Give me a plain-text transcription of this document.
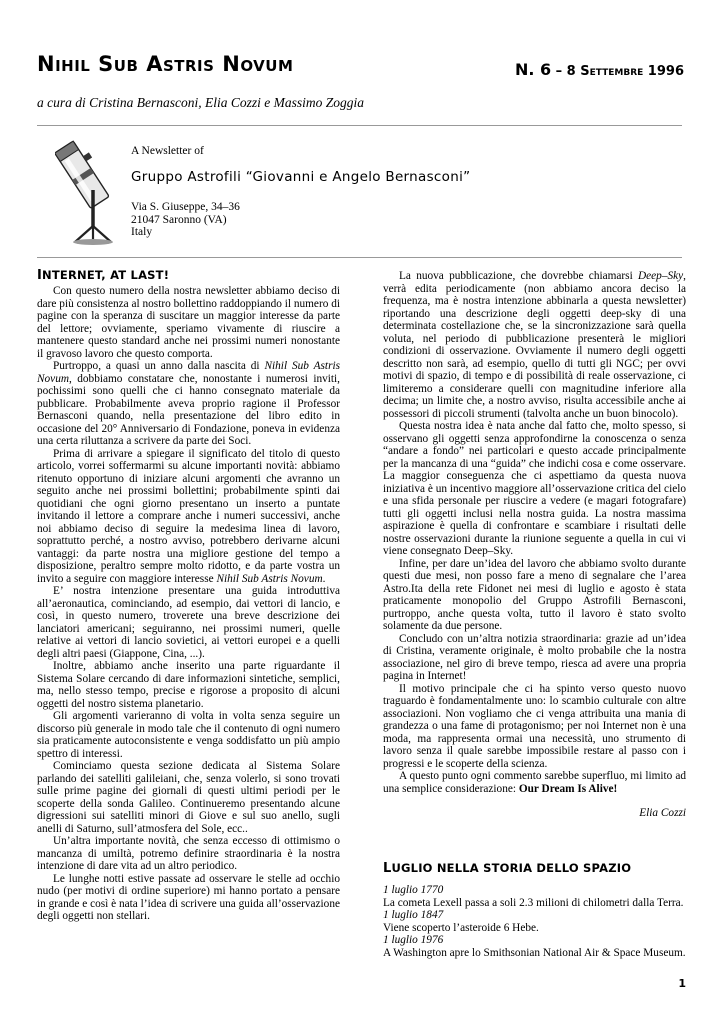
Nihil Sub Astris Novum	N. 6 – 8 Settembre 1996
a cura di Cristina Bernasconi, Elia Cozzi e Massimo Zoggia
A Newsletter of
Gruppo Astrofili “Giovanni e Angelo Bernasconi”
Via S. Giuseppe, 34–36
21047 Saronno (VA)
Italy
INTERNET, AT LAST!

Con questo numero della nostra newsletter abbiamo deciso di dare più consistenza al nostro bollettino raddoppiando il numero di pagine con la speranza di suscitare un maggior interesse da parte del lettore; ovviamente, speriamo vivamente di riuscire a mantenere questo standard anche nei prossimi numeri nonostante il gravoso lavoro che questo comporta.

Purtroppo, a quasi un anno dalla nascita di Nihil Sub Astris Novum, dobbiamo constatare che, nonostante i numerosi inviti, pochissimi sono quelli che ci hanno consegnato materiale da pubblicare. Probabilmente aveva proprio ragione il Professor Bernasconi quando, nella presentazione del libro edito in occasione del 20° Anniversario di Fondazione, poneva in evidenza una certa riluttanza a scrivere da parte dei Soci.

Prima di arrivare a spiegare il significato del titolo di questo articolo, vorrei soffermarmi su alcune importanti novità: abbiamo ritenuto opportuno di iniziare alcuni argomenti che avranno un seguito anche nei prossimi bollettini; probabilmente spinti dai quotidiani che ogni giorno presentano un inserto a puntate invitando il lettore a comprare anche i numeri successivi, anche noi abbiamo deciso di seguire la medesima linea di lavoro, soprattutto perché, a nostro avviso, potrebbero derivarne alcuni vantaggi: da parte nostra una migliore gestione del tempo a disposizione, peraltro sempre molto ridotto, e da parte vostra un invito a seguire con maggiore interesse Nihil Sub Astris Novum.

E’ nostra intenzione presentare una guida introduttiva all’aeronautica, cominciando, ad esempio, dai vettori di lancio, e così, in questo numero, troverete una breve descrizione dei lanciatori americani; seguiranno, nei prossimi numeri, quelle relative ai vettori di lancio sovietici, ai vettori europei e a quelli degli altri paesi (Giappone, Cina, ...).

Inoltre, abbiamo anche inserito una parte riguardante il Sistema Solare cercando di dare informazioni sintetiche, semplici, ma, nello stesso tempo, precise e rigorose a proposito di alcuni oggetti del nostro sistema planetario.

Gli argomenti varieranno di volta in volta senza seguire un discorso più generale in modo tale che il contenuto di ogni numero sia praticamente autoconsistente e venga soddisfatto un più ampio spettro di interessi.

Cominciamo questa sezione dedicata al Sistema Solare parlando dei satelliti galileiani, che, senza volerlo, si sono trovati sulle prime pagine dei giornali di questi ultimi periodi per le scoperte della sonda Galileo. Continueremo presentando alcune digressioni sui satelliti minori di Giove e sul suo anello, sugli anelli di Saturno, sull’atmosfera del Sole, ecc..

Un’altra importante novità, che senza eccesso di ottimismo o mancanza di umiltà, potremo definire straordinaria è la nostra intenzione di dare vita ad un altro periodico.

Le lunghe notti estive passate ad osservare le stelle ad occhio nudo (per motivi di ordine superiore) mi hanno portato a pensare in grande e così è nata l’idea di scrivere una guida all’osservazione degli oggetti non stellari.

La nuova pubblicazione, che dovrebbe chiamarsi Deep–Sky, verrà edita periodicamente (non abbiamo ancora deciso la frequenza, ma è nostra intenzione abbinarla a questa newsletter) riportando una descrizione degli oggetti deep-sky di una determinata costellazione che, se la sincronizzazione sarà quella voluta, nel periodo di pubblicazione presenterà le migliori condizioni di osservazione. Ovviamente il numero degli oggetti descritto non sarà, ad esempio, quello di tutti gli NGC; per ovvi motivi di spazio, di tempo e di possibilità di reale osservazione, ci limiteremo a considerare quelli con magnitudine inferiore alla decima; un limite che, a nostro avviso, risulta accessibile anche ai possessori di piccoli strumenti (talvolta anche un buon binocolo).

Questa nostra idea è nata anche dal fatto che, molto spesso, si osservano gli oggetti senza approfondirne la conoscenza o senza “andare a fondo” nei particolari e questo accade principalmente per la mancanza di una “guida” che indichi cosa e come osservare. La maggior conseguenza che ci aspettiamo da questa nuova iniziativa è un incentivo maggiore all’osservazione critica del cielo e una sfida personale per riuscire a vedere (e magari fotografare) tutti gli oggetti inclusi nella nostra guida. La nostra massima aspirazione è quella di confrontare e scambiare i risultati delle nostre osservazioni durante la riunione seguente a quella in cui vi viene consegnato Deep–Sky.

Infine, per dare un’idea del lavoro che abbiamo svolto durante questi due mesi, non posso fare a meno di segnalare che l’area Astro.Ita della rete Fidonet nei mesi di luglio e agosto è stata praticamente monopolio del Gruppo Astrofili Bernasconi, purtroppo, anche questa volta, tutto il lavoro è stato svolto solamente da due persone.

Concludo con un’altra notizia straordinaria: grazie ad un’idea di Cristina, veramente originale, è molto probabile che la nostra associazione, nel giro di breve tempo, riesca ad avere una propria pagina in Internet!

Il motivo principale che ci ha spinto verso questo nuovo traguardo è fondamentalmente uno: lo scambio culturale con altre associazioni. Non vogliamo che ci venga attribuita una mania di grandezza o una fame di protagonismo; per noi Internet non è una moda, ma rappresenta ormai una necessità, uno strumento di lavoro senza il quale sarebbe impossibile restare al passo con i progressi e le scoperte della scienza.

A questo punto ogni commento sarebbe superfluo, mi limito ad una semplice considerazione: Our Dream Is Alive!

Elia Cozzi

LUGLIO NELLA STORIA DELLO SPAZIO
1 luglio 1770
La cometa Lexell passa a soli 2.3 milioni di chilometri dalla Terra.
1 luglio 1847
Viene scoperto l’asteroide 6 Hebe.
1 luglio 1976
A Washington apre lo Smithsonian National Air & Space Museum.
1
